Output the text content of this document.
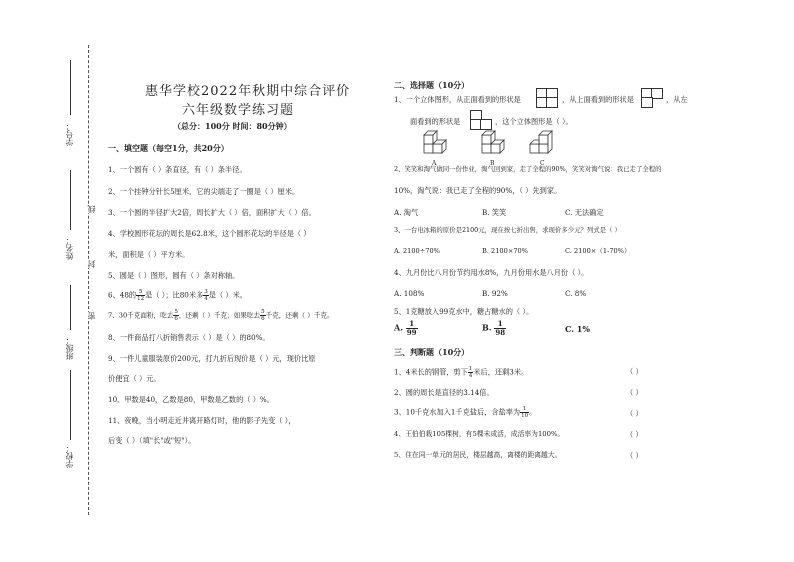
学号：
线
姓名：
封
班级：
密
学校：
惠华学校2022年秋期中综合评价
六年级数学练习题
（总分：100分 时间：80分钟）
一、填空题（每空1分，共20分）
1、一个圆有（ ）条直径，有（ ）条半径。
2、一个挂钟分针长5厘米，它的尖端走了一圈是（ ）厘米。
3、一个圆的半径扩大2倍，周长扩大（ ）倍，面积扩大（ ）倍。
4、学校圆形花坛的周长是62.8米，这个圆形花坛的半径是（ ）
米，面积是（ ）平方米。
5、圆是（ ）图形，圆有（ ）条对称轴。
6、48的 $\frac{5}{12}$ 是（ ）；比80米多 $\frac{3}{4}$ 是（ ）米。
7、30千克面粉，吃去 $\frac{5}{6}$ ，还剩（ ）千克；如果吃去 $\frac{5}{6}$ 千克，还剩（ ）千克。
8、一件商品打八折销售表示（ ）是（ ）的80%。
9、一件儿童服装原价200元，打九折后现价是（ ）元，现价比原
价便宜（ ）元。
10、甲数是40，乙数是80，甲数是乙数的（ ）%。
11、夜晚，当小明走近并离开路灯时，他的影子先变（ ），
后变（ ）（填"长"或"短"）。
二、选择题（10分）
1、一个立体图形，从正面看到的形状是	，从上面看到的形状是	，从左
面看到的形状是	，这个立体图形是（ ）。
A	B	C
2、笑笑和淘气做同一份作业，淘气回到家，走了全程的90%，笑笑对淘气说：我已走了全程的
10%，淘气说：我已走了全程的90%，（ ）先到家。
A. 淘气	B. 笑笑	C. 无法确定
3、一台电冰箱的原价是2100元，现在按七折出售，求现价多少元？列式是（ ）
A. 2100÷70%	B. 2100×70%	C. 2100×（1-70%）
4、九月份比八月份节约用水8%，九月份用水是八月份（ ）。
A. 108%	B. 92%	C. 8%
5、1克糖放入99克水中，糖占糖水的（ ）。
A. $\frac{1}{99}$	B. $\frac{1}{98}$	C. 1%
三、判断题（10分）
1、4米长的钢管，剪下 $\frac{1}{4}$ 米后，还剩3米。	（ ）
2、圆的周长是直径的3.14倍。	（ ）
3、10千克水加入1千克盐后，含盐率为 $\frac{1}{10}$ 。	（ ）
4、王伯伯栽105棵树，有5棵未成活，成活率为100%。	（ ）
5、住在同一单元的居民，楼层越高，离楼的距离越大。	（ ）
